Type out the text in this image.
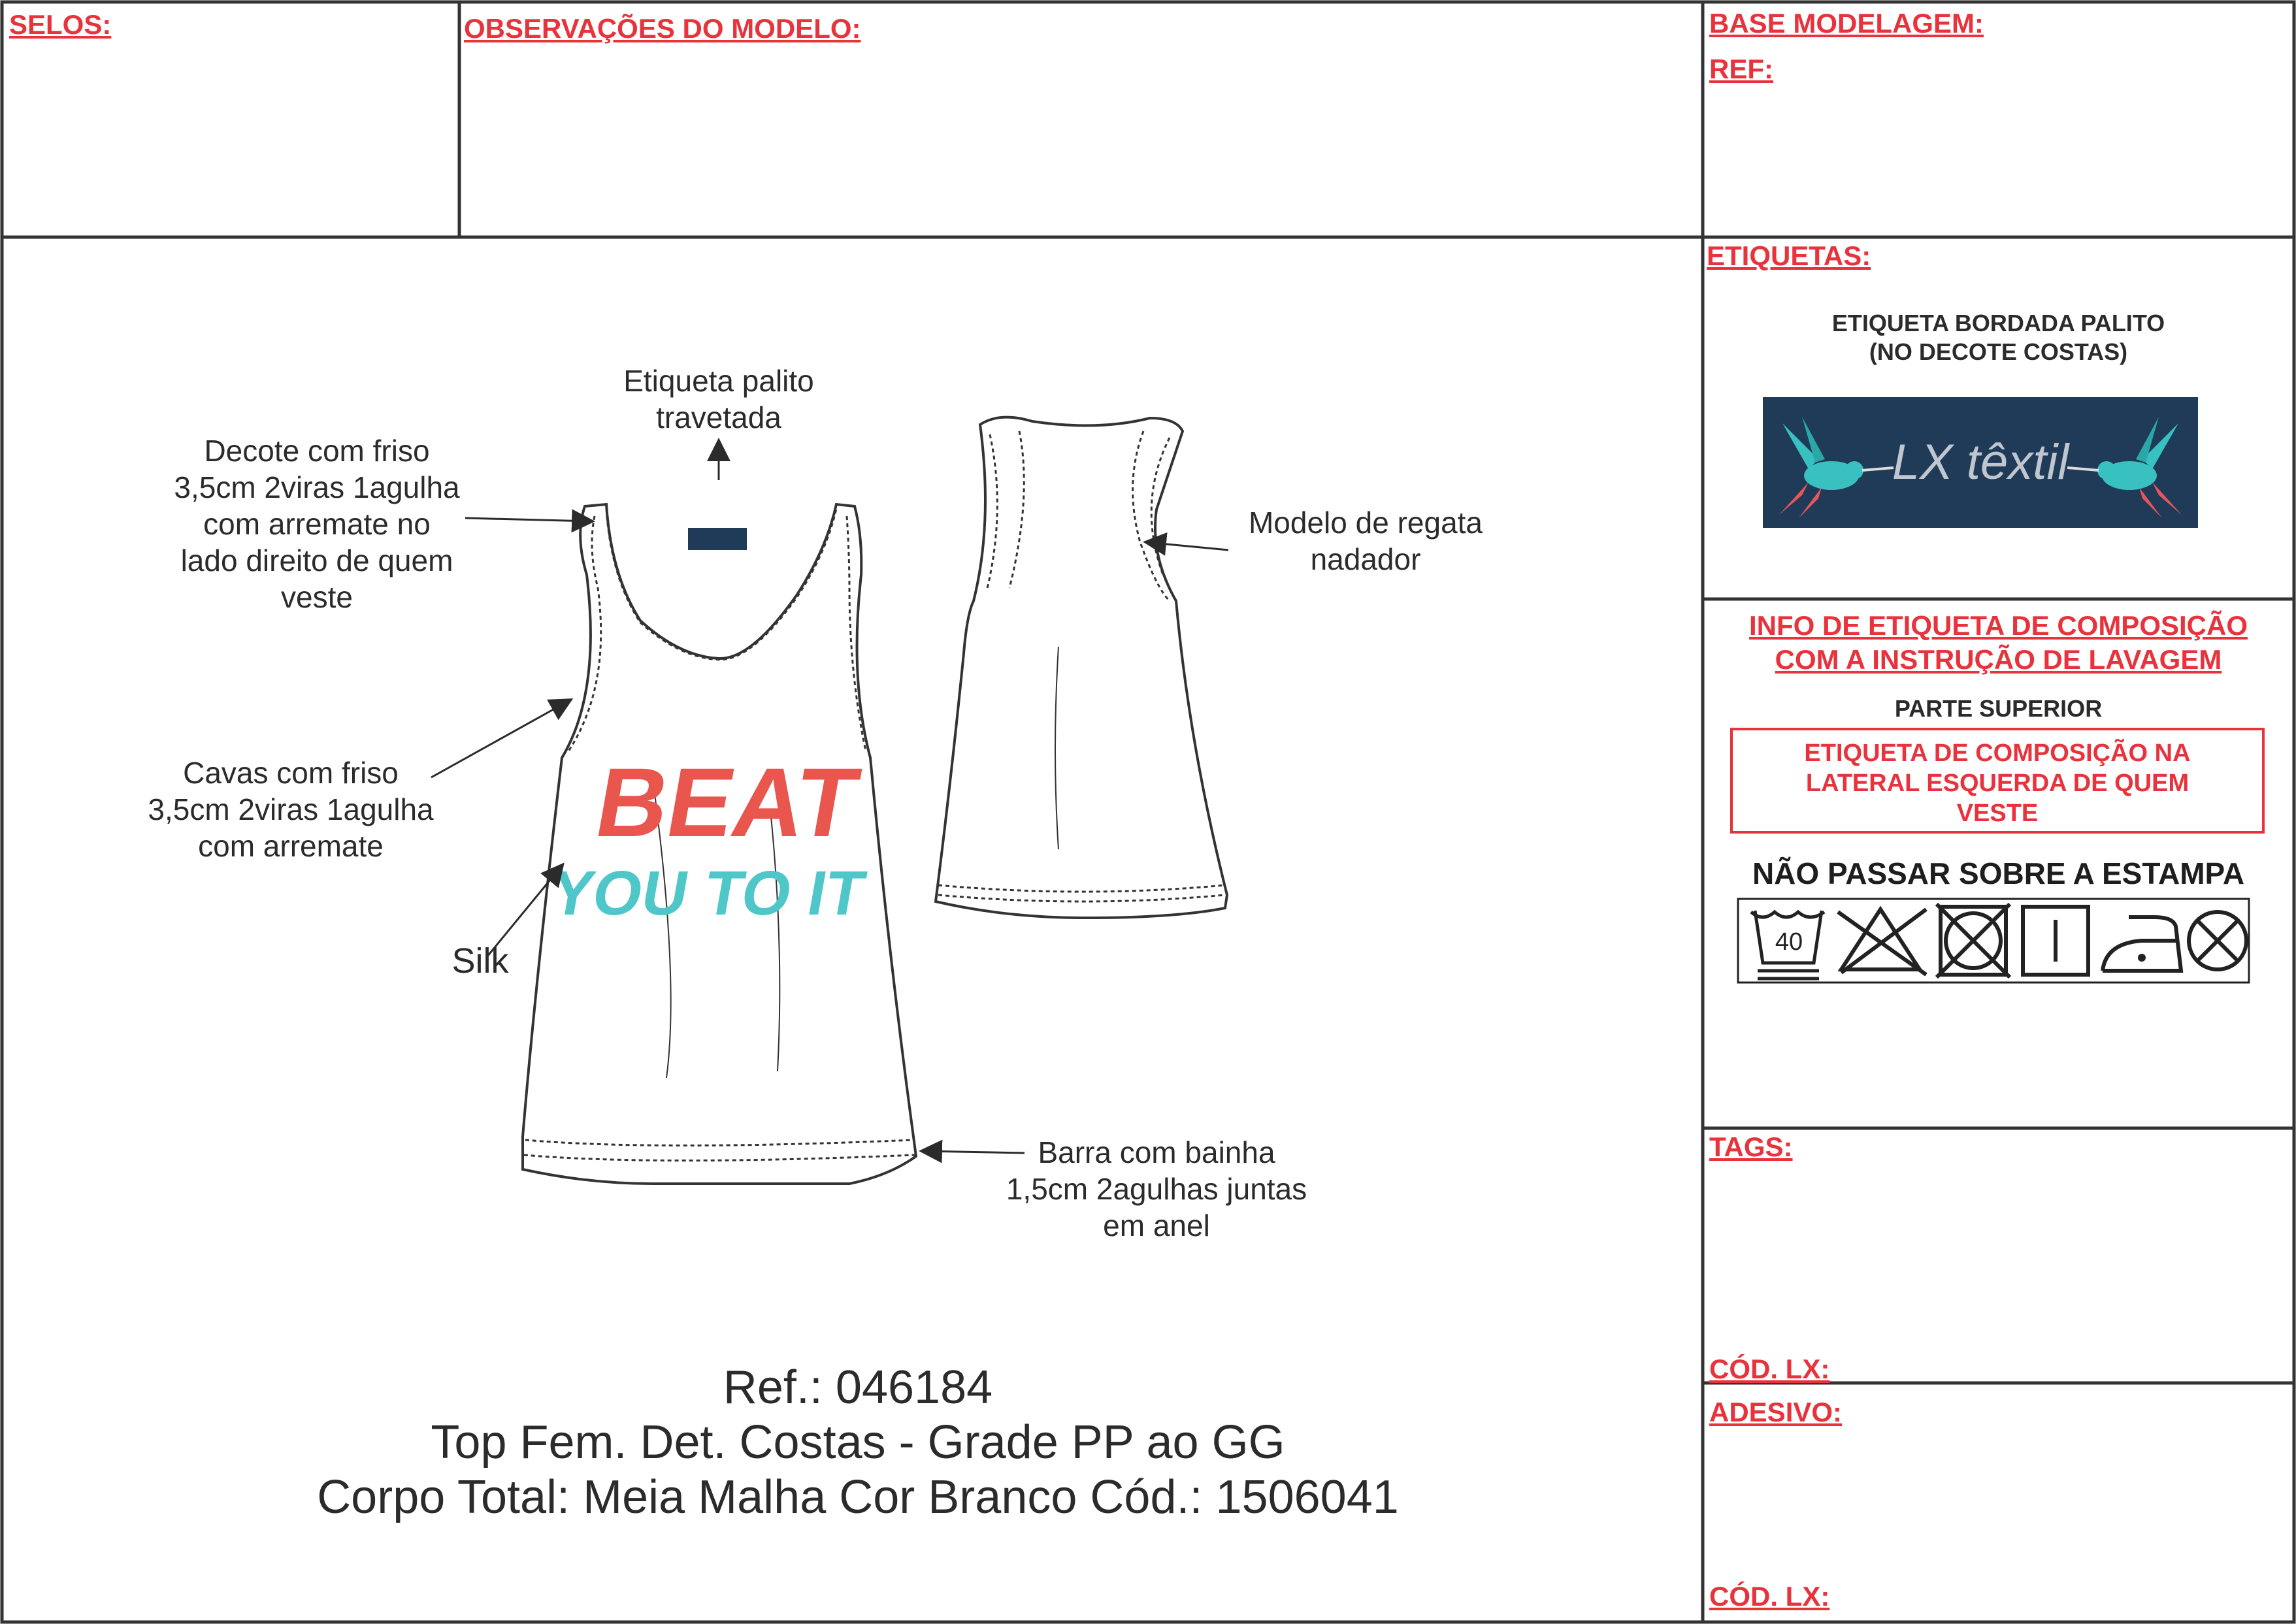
SELOS:	OBSERVAÇÕES DO MODELO:	BASE MODELAGEM:
REF:
ETIQUETAS:
TAGS:
CÓD. LX:
ADESIVO:
CÓD. LX:
ETIQUETA BORDADA PALITO
(NO DECOTE COSTAS)
LX têxtil
INFO DE ETIQUETA DE COMPOSIÇÃO
COM A INSTRUÇÃO DE LAVAGEM
PARTE SUPERIOR
ETIQUETA DE COMPOSIÇÃO NA
LATERAL ESQUERDA DE QUEM
VESTE
NÃO PASSAR SOBRE A ESTAMPA
40
BEAT
YOU TO IT
Etiqueta palito
travetada
Decote com friso
3,5cm 2viras 1agulha
com arremate no
lado direito de quem
veste
Cavas com friso
3,5cm 2viras 1agulha
com arremate
Silk
Modelo de regata
nadador
Barra com bainha
1,5cm 2agulhas juntas
em anel
Ref.: 046184
Top Fem. Det. Costas - Grade PP ao GG
Corpo Total: Meia Malha Cor Branco Cód.: 1506041
